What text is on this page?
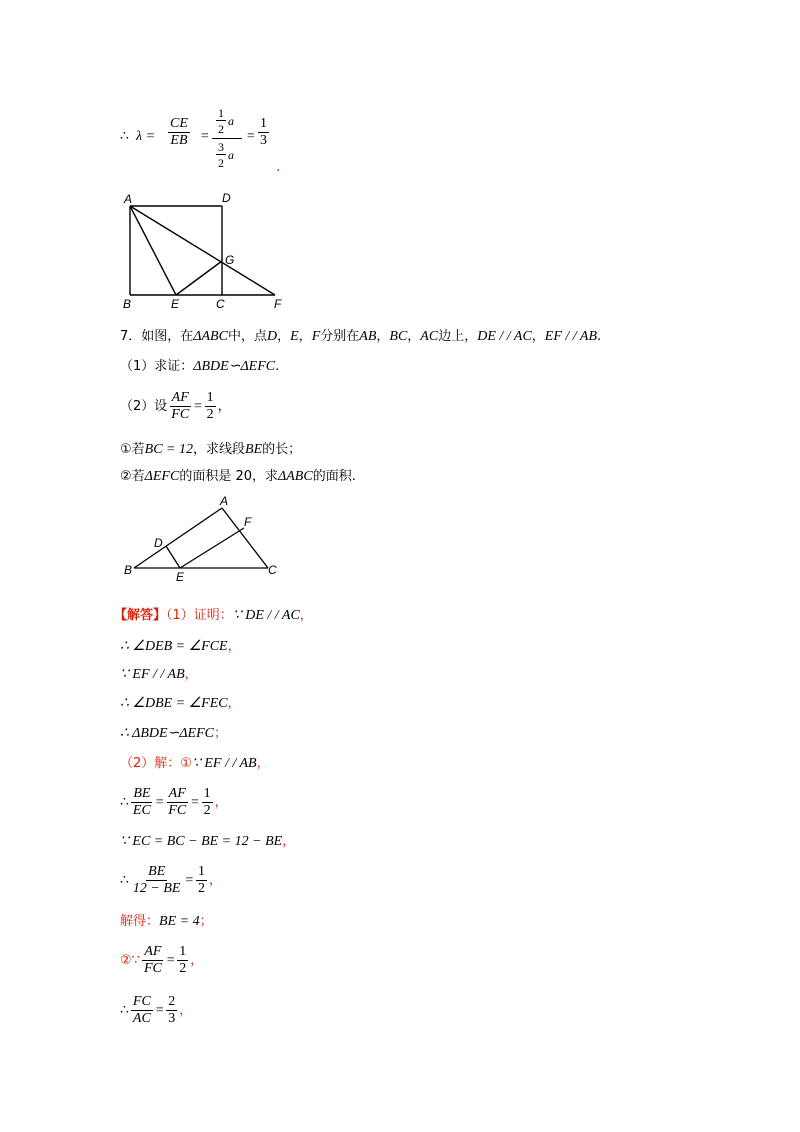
∴ $\lambda = \frac{CE}{EB}$ =
1
2
a
3
2
a
= $\frac{1}{3}$
.
A	D
G
B	E	C	F
7．如图，在ΔABC中，点D，E，F分别在AB，BC，AC边上，DE / / AC，EF / / AB.
（1）求证：ΔBDE∽ΔEFC.
（2）设 $\frac{AF}{FC} = \frac{1}{2}$ ，
①若BC = 12，求线段BE的长；
②若ΔEFC的面积是 20，求ΔABC的面积.
A
F
D
B	E	C
【解答】（1）证明：∵ DE / / AC，
∴ ∠DEB = ∠FCE，
∵ EF / / AB，
∴ ∠DBE = ∠FEC，
∴ ΔBDE∽ΔEFC；
（2）解：①∵ EF / / AB，
∴ $\frac{BE}{EC} = \frac{AF}{FC} = \frac{1}{2}$ ，
∵ EC = BC − BE = 12 − BE，
∴ $\frac{BE}{12 - BE} = \frac{1}{2}$ ，
解得：BE = 4；
②∵ $\frac{AF}{FC} = \frac{1}{2}$ ，
∴ $\frac{FC}{AC} = \frac{2}{3}$ ，
